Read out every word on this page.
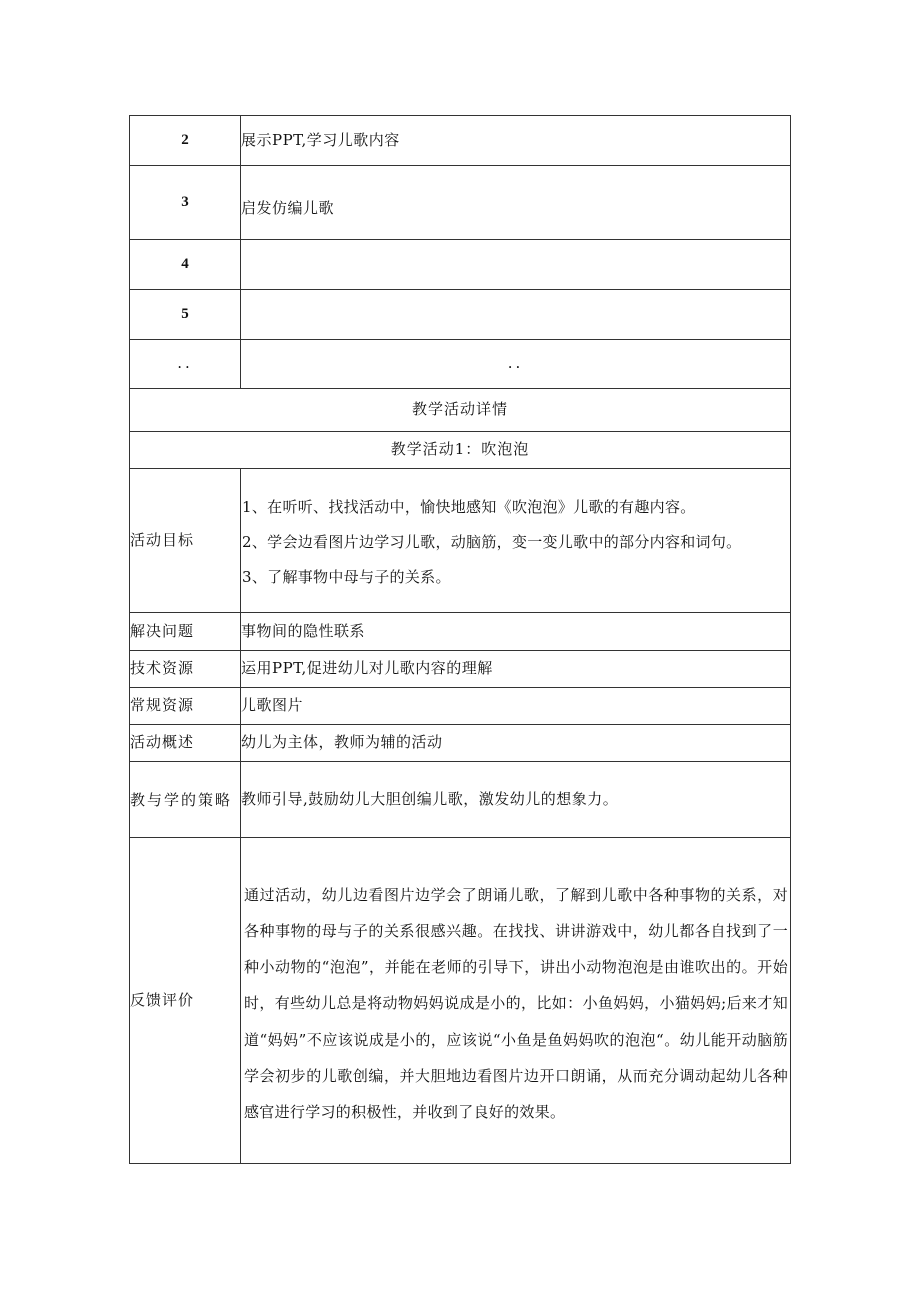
2	展示PPT,学习儿歌内容
3	启发仿编儿歌
4	
5	
..	..
教学活动详情	
教学活动1：吹泡泡	
活动目标	1、在听听、找找活动中，愉快地感知《吹泡泡》儿歌的有趣内容。
2、学会边看图片边学习儿歌，动脑筋，变一变儿歌中的部分内容和词句。
3、了解事物中母与子的关系。

解决问题	事物间的隐性联系
技术资源	运用PPT,促进幼儿对儿歌内容的理解
常规资源	儿歌图片
活动概述	幼儿为主体，教师为辅的活动
教与学的策略	教师引导,鼓励幼儿大胆创编儿歌，激发幼儿的想象力。
反馈评价	通过活动，幼儿边看图片边学会了朗诵儿歌，了解到儿歌中各种事物的关系，对各种事物的母与子的关系很感兴趣。在找找、讲讲游戏中，幼儿都各自找到了一种小动物的“泡泡”，并能在老师的引导下，讲出小动物泡泡是由谁吹出的。开始时，有些幼儿总是将动物妈妈说成是小的，比如：小鱼妈妈，小猫妈妈;后来才知道“妈妈”不应该说成是小的，应该说“小鱼是鱼妈妈吹的泡泡“。幼儿能开动脑筋学会初步的儿歌创编，并大胆地边看图片边开口朗诵，从而充分调动起幼儿各种感官进行学习的积极性，并收到了良好的效果。
